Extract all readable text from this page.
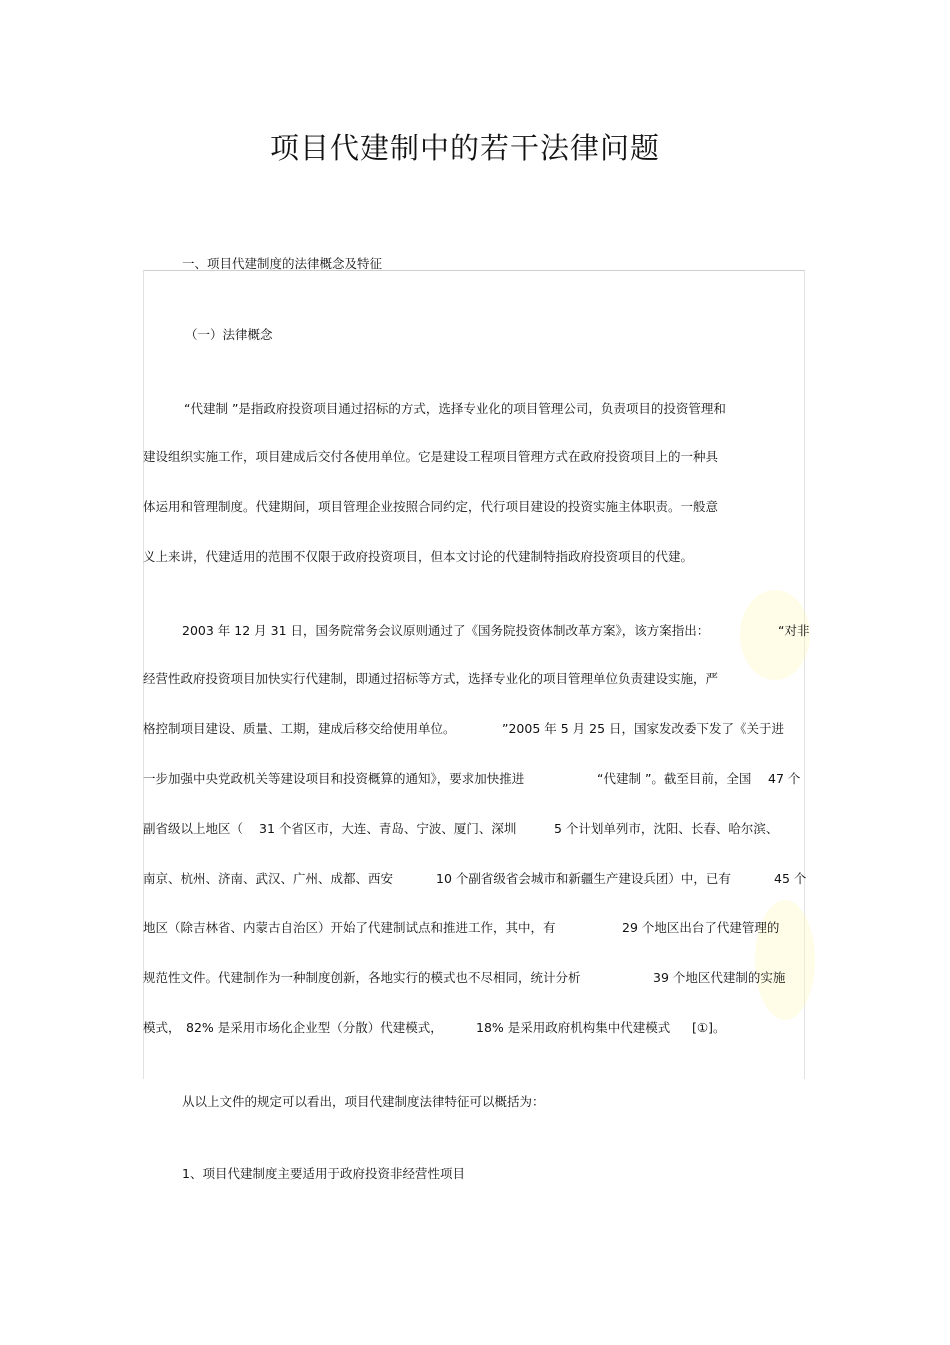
项目代建制中的若干法律问题
一、项目代建制度的法律概念及特征
（一）法律概念
“代建制 ”是指政府投资项目通过招标的方式，选择专业化的项目管理公司，负责项目的投资管理和
建设组织实施工作，项目建成后交付各使用单位。它是建设工程项目管理方式在政府投资项目上的一种具
体运用和管理制度。代建期间，项目管理企业按照合同约定，代行项目建设的投资实施主体职责。一般意
义上来讲，代建适用的范围不仅限于政府投资项目，但本文讨论的代建制特指政府投资项目的代建。
2003 年 12 月 31 日，国务院常务会议原则通过了《国务院投资体制改革方案》，该方案指出：	“对非
经营性政府投资项目加快实行代建制，即通过招标等方式，选择专业化的项目管理单位负责建设实施，严
格控制项目建设、质量、工期，建成后移交给使用单位。	”2005 年 5 月 25 日，国家发改委下发了《关于进
一步加强中央党政机关等建设项目和投资概算的通知》，要求加快推进	“代建制 ”。截至目前，全国 47 个
副省级以上地区（ 31 个省区市，大连、青岛、宁波、厦门、深圳	5 个计划单列市，沈阳、长春、哈尔滨、
南京、杭州、济南、武汉、广州、成都、西安	10 个副省级省会城市和新疆生产建设兵团）中，已有	45 个
地区（除吉林省、内蒙古自治区）开始了代建制试点和推进工作，其中，有	29 个地区出台了代建管理的
规范性文件。代建制作为一种制度创新，各地实行的模式也不尽相同，统计分析	39 个地区代建制的实施
模式， 82% 是采用市场化企业型（分散）代建模式，	18% 是采用政府机构集中代建模式 [①]。
从以上文件的规定可以看出，项目代建制度法律特征可以概括为：
1、项目代建制度主要适用于政府投资非经营性项目
